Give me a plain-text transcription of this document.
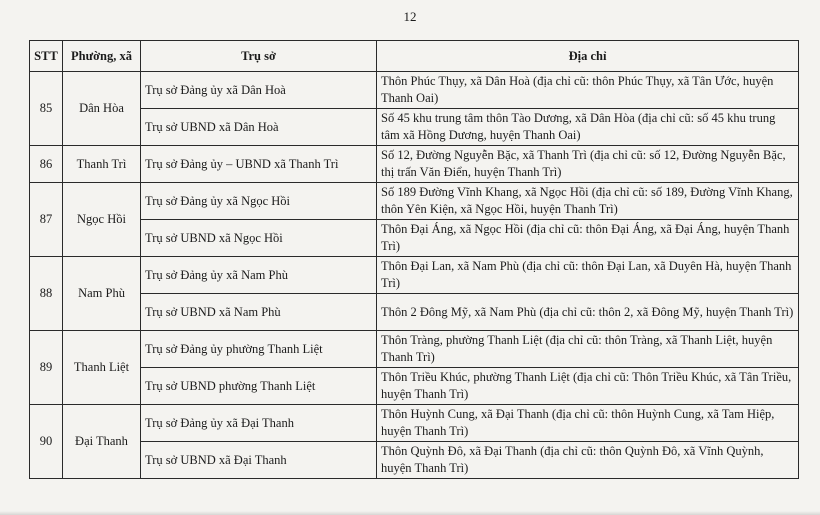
12
STT	Phường, xã	Trụ sở	Địa chỉ
85	Dân Hòa	Trụ sở Đảng ủy xã Dân Hoà	Thôn Phúc Thụy, xã Dân Hoà (địa chỉ cũ: thôn Phúc Thụy, xã Tân Ước, huyện Thanh Oai)
		Trụ sở UBND xã Dân Hoà	Số 45 khu trung tâm thôn Tào Dương, xã Dân Hòa (địa chỉ cũ: số 45 khu trung tâm xã Hồng Dương, huyện Thanh Oai)
86	Thanh Trì	Trụ sở Đảng ủy – UBND xã Thanh Trì	Số 12, Đường Nguyễn Bặc, xã Thanh Trì (địa chỉ cũ: số 12, Đường Nguyễn Bặc, thị trấn Văn Điển, huyện Thanh Trì)
87	Ngọc Hồi	Trụ sở Đảng ủy xã Ngọc Hồi	Số 189 Đường Vĩnh Khang, xã Ngọc Hồi (địa chỉ cũ: số 189, Đường Vĩnh Khang, thôn Yên Kiện, xã Ngọc Hồi, huyện Thanh Trì)
		Trụ sở UBND xã Ngọc Hồi	Thôn Đại Áng, xã Ngọc Hồi (địa chỉ cũ: thôn Đại Áng, xã Đại Áng, huyện Thanh Trì)
88	Nam Phù	Trụ sở Đảng ủy xã Nam Phù	Thôn Đại Lan, xã Nam Phù (địa chỉ cũ: thôn Đại Lan, xã Duyên Hà, huyện Thanh Trì)
		Trụ sở UBND xã Nam Phù	Thôn 2 Đông Mỹ, xã Nam Phù (địa chỉ cũ: thôn 2, xã Đông Mỹ, huyện Thanh Trì)
89	Thanh Liệt	Trụ sở Đảng ủy phường Thanh Liệt	Thôn Tràng, phường Thanh Liệt (địa chỉ cũ: thôn Tràng, xã Thanh Liệt, huyện Thanh Trì)
		Trụ sở UBND phường Thanh Liệt	Thôn Triều Khúc, phường Thanh Liệt (địa chỉ cũ: Thôn Triều Khúc, xã Tân Triều, huyện Thanh Trì)
90	Đại Thanh	Trụ sở Đảng ủy xã Đại Thanh	Thôn Huỳnh Cung, xã Đại Thanh (địa chỉ cũ: thôn Huỳnh Cung, xã Tam Hiệp, huyện Thanh Trì)
		Trụ sở UBND xã Đại Thanh	Thôn Quỳnh Đô, xã Đại Thanh (địa chỉ cũ: thôn Quỳnh Đô, xã Vĩnh Quỳnh, huyện Thanh Trì)
